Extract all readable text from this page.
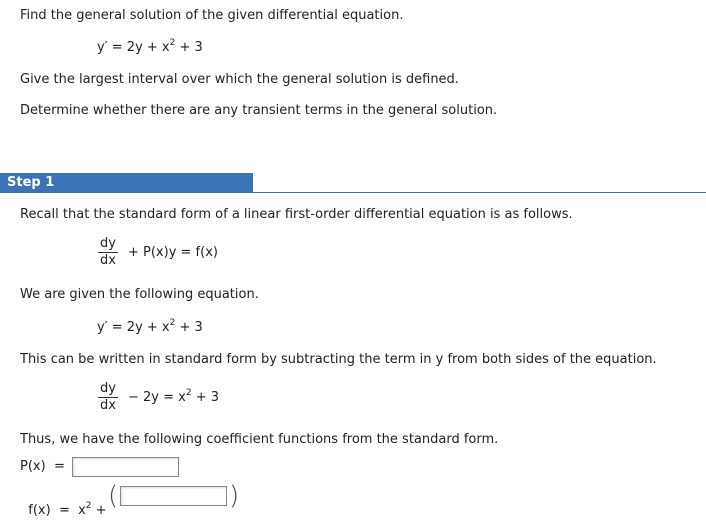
Find the general solution of the given differential equation.
$y' = 2y + x^2 + 3$
Give the largest interval over which the general solution is defined.
Determine whether there are any transient terms in the general solution.
Step 1
Recall that the standard form of a linear first-order differential equation is as follows.
$\frac{dy}{dx} + P(x)y = f(x)$
We are given the following equation.
$y' = 2y + x^2 + 3$
This can be written in standard form by subtracting the term in y from both sides of the equation.
$\frac{dy}{dx} - 2y = x^2 + 3$
Thus, we have the following coefficient functions from the standard form.
P(x)  =

$f(x) = x^2$ + (	)
